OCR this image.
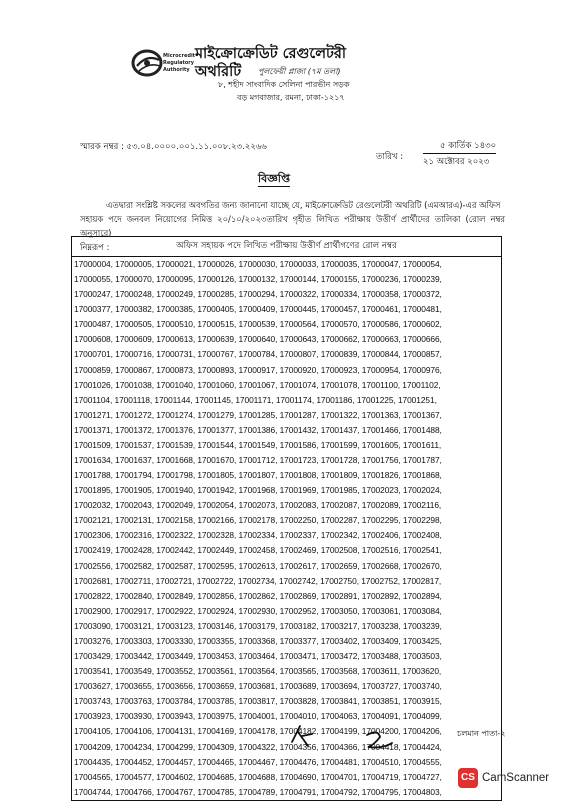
Microcredit
Regulatory
Authority
মাইক্রোক্রেডিট রেগুলেটরী অথরিটি	পুলফেয়ী প্লাজা (৭ম তলা)
৮, শহীদ সাংবাদিক সেলিনা পারভীন সড়ক
বড় মগবাজার, রমনা, ঢাকা-১২১৭
স্মারক নম্বর : ৫৩.০৪.০০০০.০০১.১১.০০৮.২৩.২২৬৬
তারিখ :
৫ কার্তিক ১৪৩০
২১ অক্টোবর ২০২৩
বিজ্ঞপ্তি
এতদ্বারা সংশ্লিষ্ট সকলের অবগতির জন্য জানানো যাচ্ছে যে, মাইক্রোক্রেডিট রেগুলেটরী অথরিটি (এমআরএ)-এর অফিস
সহায়ক পদে জনবল নিয়োগের নিমিত্ত ২০/১০/২০২৩তারিখ গৃহীত লিখিত পরীক্ষায় উত্তীর্ণ প্রার্থীদের তালিকা (রোল নম্বর অনুসারে)
নিম্নরূপ :	অফিস সহায়ক পদে লিখিত পরীক্ষায় উত্তীর্ণ প্রার্থীগণের রোল নম্বর
17000004, 17000005, 17000021, 17000026, 17000030, 17000033, 17000035, 17000047, 17000054,
17000055, 17000070, 17000095, 17000126, 17000132, 17000144, 17000155, 17000236, 17000239,
17000247, 17000248, 17000249, 17000285, 17000294, 17000322, 17000334, 17000358, 17000372,
17000377, 17000382, 17000385, 17000405, 17000409, 17000445, 17000457, 17000461, 17000481,
17000487, 17000505, 17000510, 17000515, 17000539, 17000564, 17000570, 17000586, 17000602,
17000608, 17000609, 17000613, 17000639, 17000640, 17000643, 17000662, 17000663, 17000666,
17000701, 17000716, 17000731, 17000767, 17000784, 17000807, 17000839, 17000844, 17000857,
17000859, 17000867, 17000873, 17000893, 17000917, 17000920, 17000923, 17000954, 17000976,
17001026, 17001038, 17001040, 17001060, 17001067, 17001074, 17001078, 17001100, 17001102,
17001104, 17001118, 17001144, 17001145, 17001171, 17001174, 17001186, 17001225, 17001251,
17001271, 17001272, 17001274, 17001279, 17001285, 17001287, 17001322, 17001363, 17001367,
17001371, 17001372, 17001376, 17001377, 17001386, 17001432, 17001437, 17001466, 17001488,
17001509, 17001537, 17001539, 17001544, 17001549, 17001586, 17001599, 17001605, 17001611,
17001634, 17001637, 17001668, 17001670, 17001712, 17001723, 17001728, 17001756, 17001787,
17001788, 17001794, 17001798, 17001805, 17001807, 17001808, 17001809, 17001826, 17001868,
17001895, 17001905, 17001940, 17001942, 17001968, 17001969, 17001985, 17002023, 17002024,
17002032, 17002043, 17002049, 17002054, 17002073, 17002083, 17002087, 17002089, 17002116,
17002121, 17002131, 17002158, 17002166, 17002178, 17002250, 17002287, 17002295, 17002298,
17002306, 17002316, 17002322, 17002328, 17002334, 17002337, 17002342, 17002406, 17002408,
17002419, 17002428, 17002442, 17002449, 17002458, 17002469, 17002508, 17002516, 17002541,
17002556, 17002582, 17002587, 17002595, 17002613, 17002617, 17002659, 17002668, 17002670,
17002681, 17002711, 17002721, 17002722, 17002734, 17002742, 17002750, 17002752, 17002817,
17002822, 17002840, 17002849, 17002856, 17002862, 17002869, 17002891, 17002892, 17002894,
17002900, 17002917, 17002922, 17002924, 17002930, 17002952, 17003050, 17003061, 17003084,
17003090, 17003121, 17003123, 17003146, 17003179, 17003182, 17003217, 17003238, 17003239,
17003276, 17003303, 17003330, 17003355, 17003368, 17003377, 17003402, 17003409, 17003425,
17003429, 17003442, 17003449, 17003453, 17003464, 17003471, 17003472, 17003488, 17003503,
17003541, 17003549, 17003552, 17003561, 17003564, 17003565, 17003568, 17003611, 17003620,
17003627, 17003655, 17003656, 17003659, 17003681, 17003689, 17003694, 17003727, 17003740,
17003743, 17003763, 17003784, 17003785, 17003817, 17003828, 17003841, 17003851, 17003915,
17003923, 17003930, 17003943, 17003975, 17004001, 17004010, 17004063, 17004091, 17004099,
17004105, 17004106, 17004131, 17004169, 17004178, 17004182, 17004199, 17004200, 17004206,
17004209, 17004234, 17004299, 17004309, 17004322, 17004356, 17004366, 17004418, 17004424,
17004435, 17004452, 17004457, 17004465, 17004467, 17004476, 17004481, 17004510, 17004555,
17004565, 17004577, 17004602, 17004685, 17004688, 17004690, 17004701, 17004719, 17004727,
17004744, 17004766, 17004767, 17004785, 17004789, 17004791, 17004792, 17004795, 17004803,
চলমান পাতা-২
CS CamScanner
